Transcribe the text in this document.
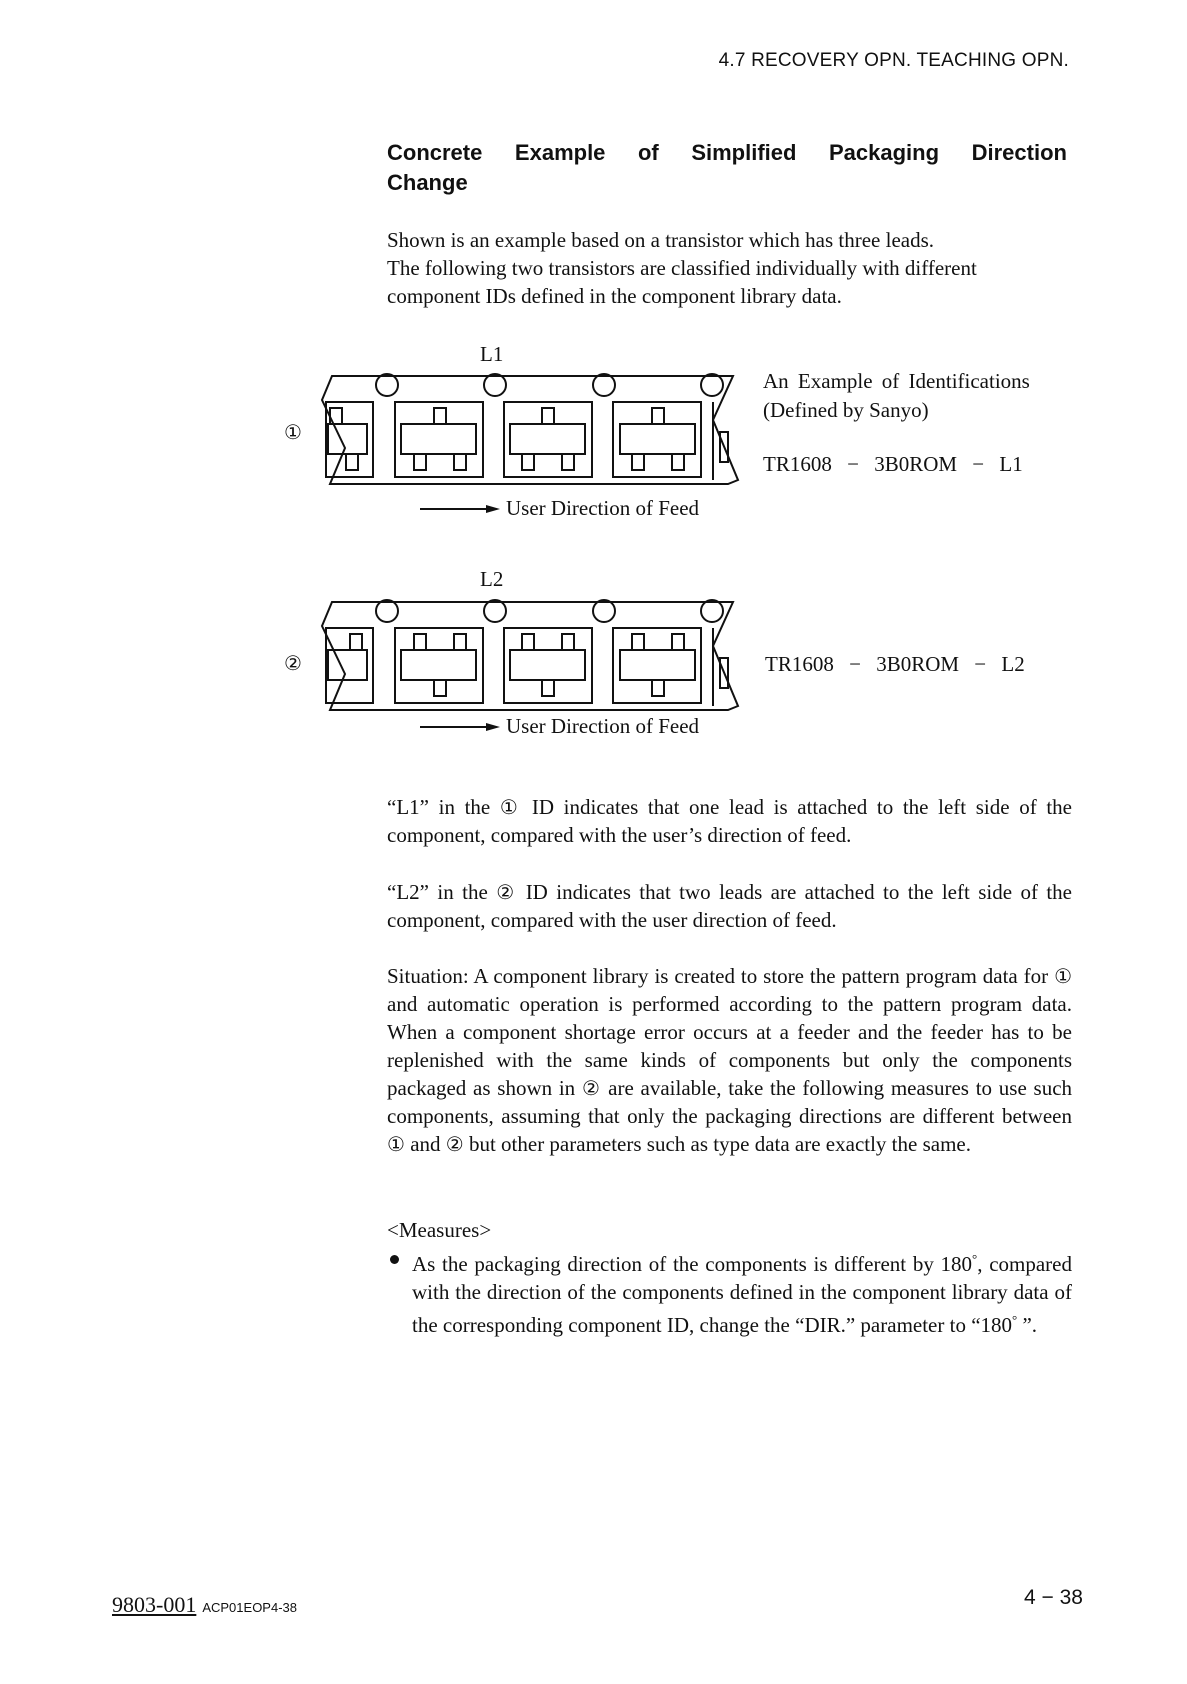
4.7 RECOVERY OPN. TEACHING OPN.
Concrete Example of Simplified Packaging Direction
Change
Shown is an example based on a transistor which has three leads.
The following two transistors are classified individually with different component IDs defined in the component library data.
L1
①
User Direction of Feed
An Example of Identifications
(Defined by Sanyo)
TR1608 − 3B0ROM − L1
L2
②
User Direction of Feed
TR1608 − 3B0ROM − L2
“L1” in the ① ID indicates that one lead is attached to the left side of the component, compared with the user’s direction of feed.
“L2” in the ② ID indicates that two leads are attached to the left side of the component, compared with the user direction of feed.
Situation: A component library is created to store the pattern program data for ① and automatic operation is performed according to the pattern program data. When a component shortage error occurs at a feeder and the feeder has to be replenished with the same kinds of components but only the components packaged as shown in ② are available, take the following measures to use such components, assuming that only the packaging directions are different between ① and ② but other parameters such as type data are exactly the same.
<Measures>
As the packaging direction of the components is different by 180°, compared with the direction of the components defined in the component library data of the corresponding component ID, change the “DIR.” parameter to “180° ”.
9803-001 ACP01EOP4-38	4 − 38
